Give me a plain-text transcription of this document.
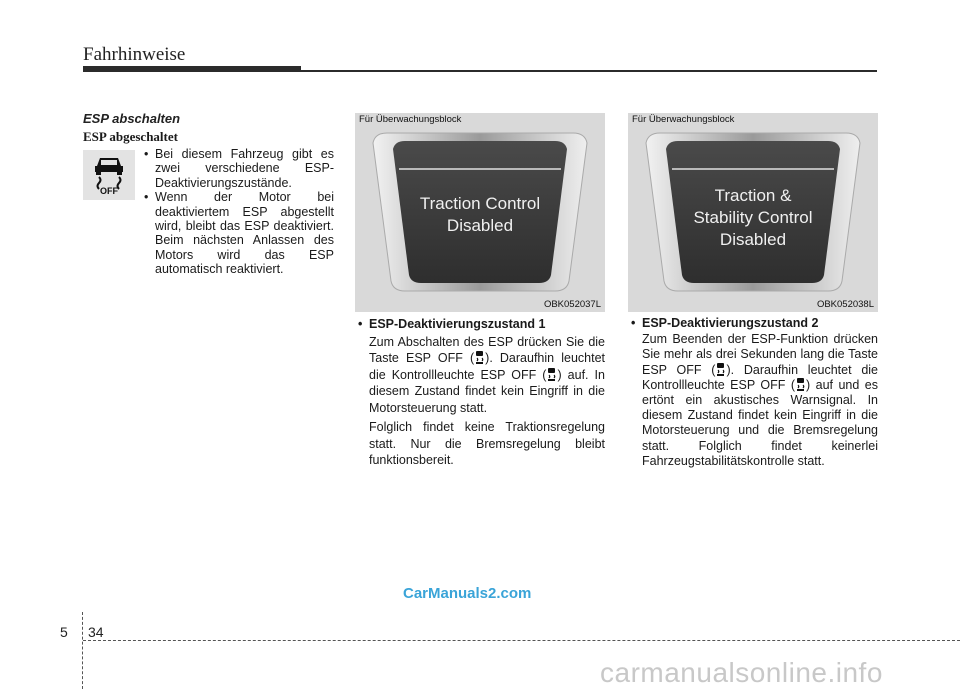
Fahrhinweise
ESP abschalten
ESP abgeschaltet
OFF
• Bei diesem Fahrzeug gibt es zwei verschiedene ESP-Deaktivierungszustände.
• Wenn der Motor bei deaktiviertem ESP abgestellt wird, bleibt das ESP deaktiviert. Beim nächsten Anlassen des Motors wird das ESP automatisch reaktiviert.
Für Überwachungsblock
Traction Control
Disabled
OBK052037L
Für Überwachungsblock
Traction &
Stability Control
Disabled
OBK052038L
• ESP-Deaktivierungszustand 1

Zum Abschalten des ESP drücken Sie die Taste ESP OFF ( ). Daraufhin leuchtet die Kontrollleuchte ESP OFF ( ) auf. In diesem Zustand findet kein Eingriff in die Motorsteuerung statt.

Folglich findet keine Traktionsregelung statt. Nur die Bremsregelung bleibt funktionsbereit.

• ESP-Deaktivierungszustand 2

Zum Beenden der ESP-Funktion drücken Sie mehr als drei Sekunden lang die Taste ESP OFF ( ). Daraufhin leuchtet die Kontrollleuchte ESP OFF ( ) auf und es ertönt ein akustisches Warnsignal. In diesem Zustand findet kein Eingriff in die Motorsteuerung und die Bremsregelung statt. Folglich findet keinerlei Fahrzeugstabilitätskontrolle statt.

CarManuals2.com
carmanualsonline.info
5 34
